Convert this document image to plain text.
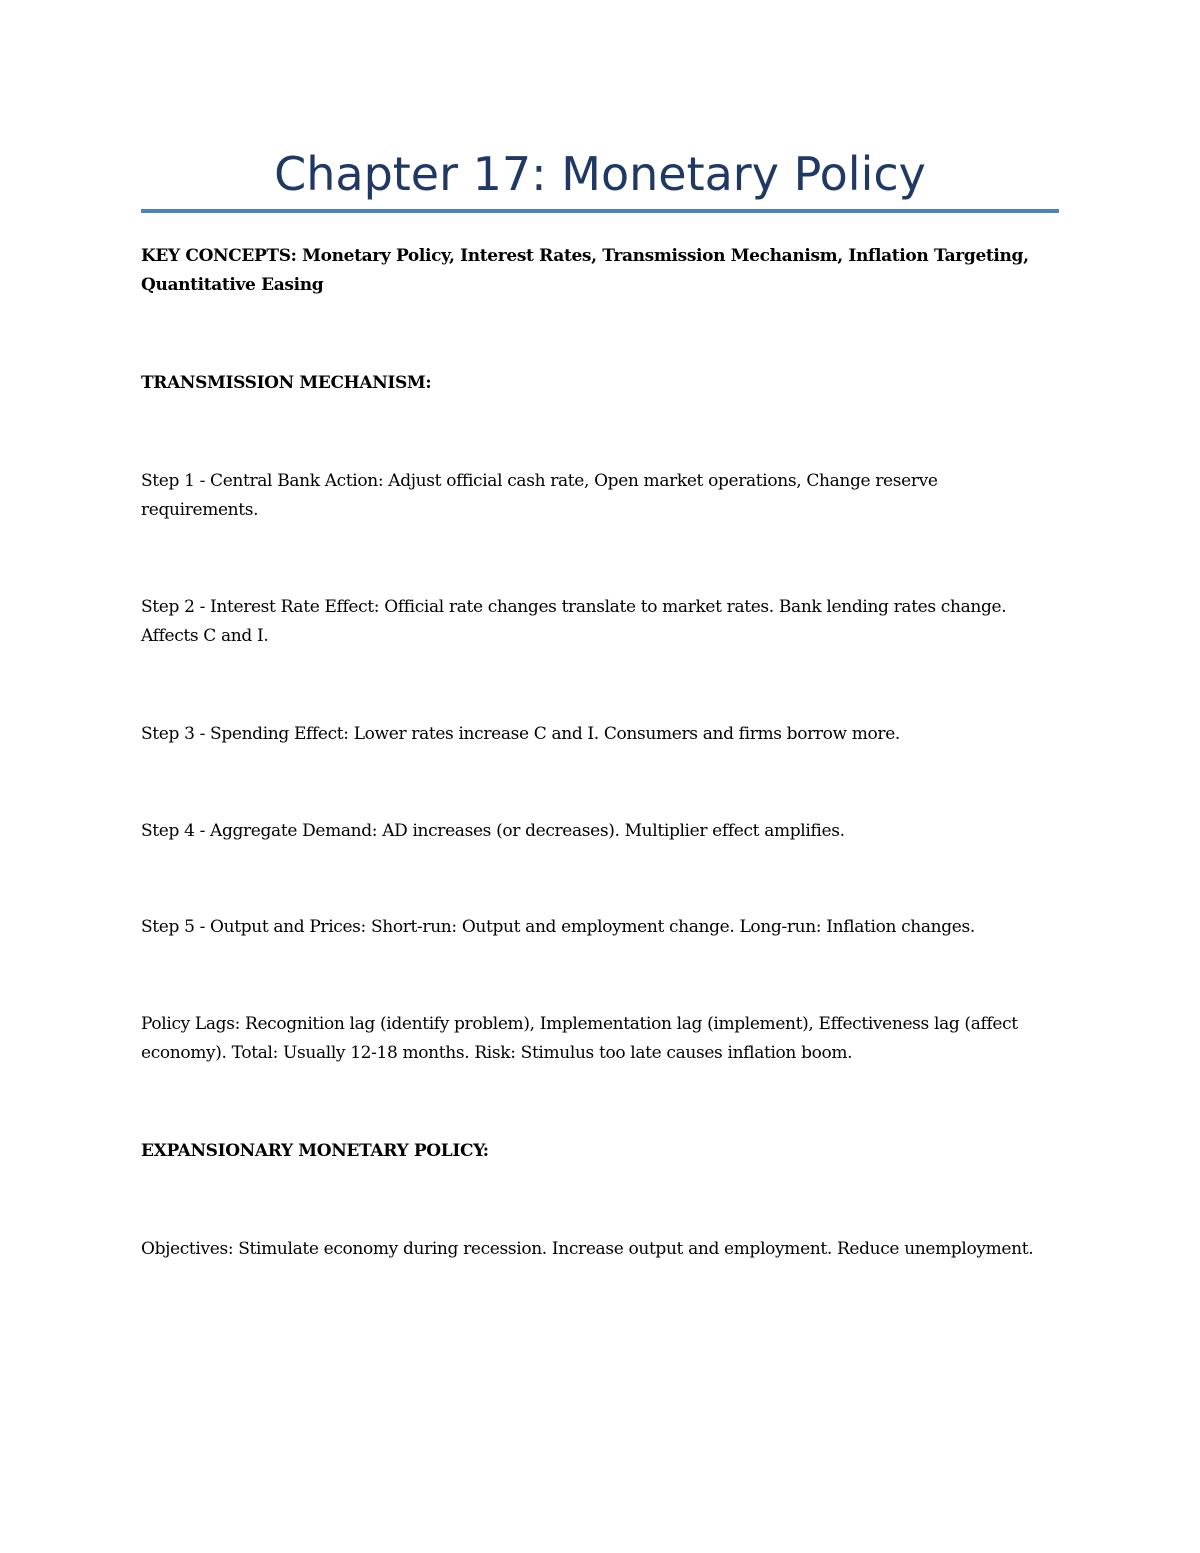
Chapter 17: Monetary Policy

KEY CONCEPTS: Monetary Policy, Interest Rates, Transmission Mechanism, Inflation Targeting, Quantitative Easing

TRANSMISSION MECHANISM:

Step 1 - Central Bank Action: Adjust official cash rate, Open market operations, Change reserve requirements.

Step 2 - Interest Rate Effect: Official rate changes translate to market rates. Bank lending rates change. Affects C and I.

Step 3 - Spending Effect: Lower rates increase C and I. Consumers and firms borrow more.

Step 4 - Aggregate Demand: AD increases (or decreases). Multiplier effect amplifies.

Step 5 - Output and Prices: Short-run: Output and employment change. Long-run: Inflation changes.

Policy Lags: Recognition lag (identify problem), Implementation lag (implement), Effectiveness lag (affect economy). Total: Usually 12-18 months. Risk: Stimulus too late causes inflation boom.

EXPANSIONARY MONETARY POLICY:

Objectives: Stimulate economy during recession. Increase output and employment. Reduce unemployment.
